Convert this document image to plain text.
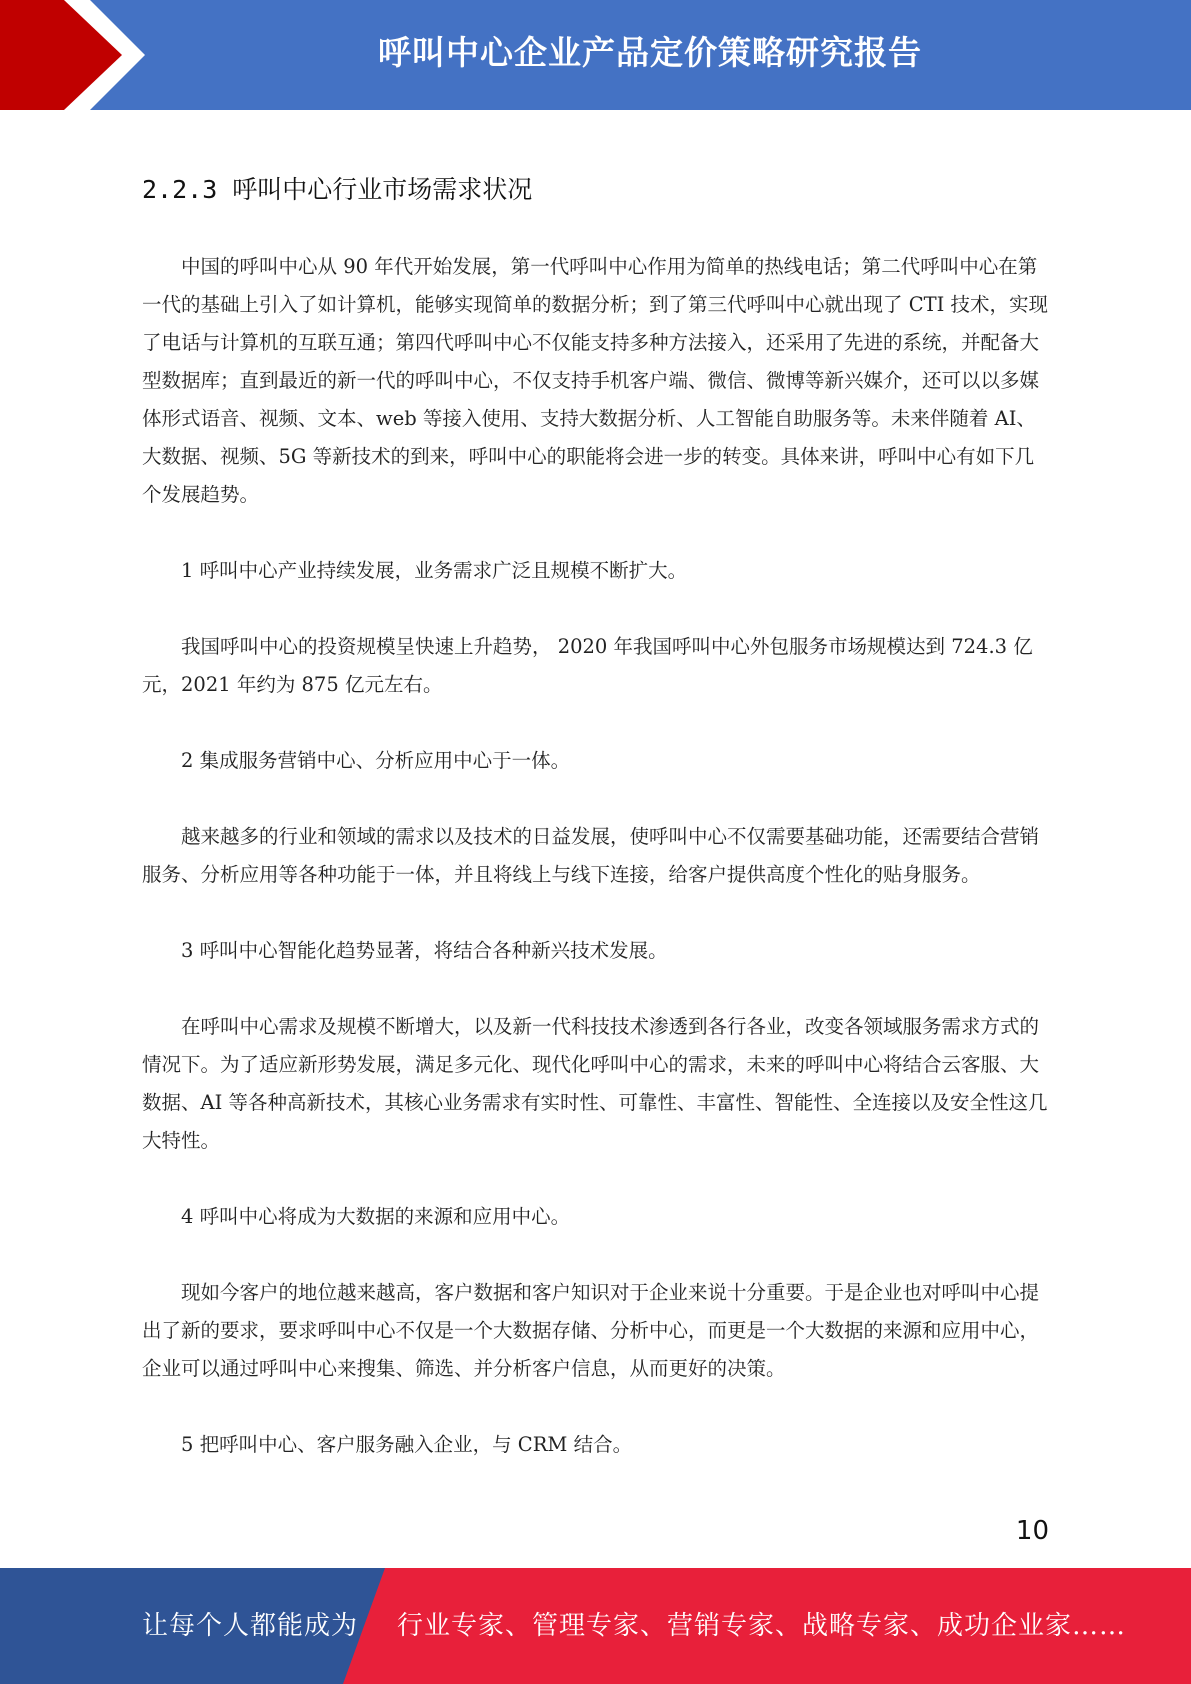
呼叫中心企业产品定价策略研究报告
2.2.3 呼叫中心行业市场需求状况

中国的呼叫中心从 90 年代开始发展，第一代呼叫中心作用为简单的热线电话；第二代呼叫中心在第一代的基础上引入了如计算机，能够实现简单的数据分析；到了第三代呼叫中心就出现了 CTI 技术，实现了电话与计算机的互联互通；第四代呼叫中心不仅能支持多种方法接入，还采用了先进的系统，并配备大型数据库；直到最近的新一代的呼叫中心，不仅支持手机客户端、微信、微博等新兴媒介，还可以以多媒体形式语音、视频、文本、web 等接入使用、支持大数据分析、人工智能自助服务等。未来伴随着 AI、大数据、视频、5G 等新技术的到来，呼叫中心的职能将会进一步的转变。具体来讲，呼叫中心有如下几个发展趋势。

1 呼叫中心产业持续发展，业务需求广泛且规模不断扩大。

我国呼叫中心的投资规模呈快速上升趋势， 2020 年我国呼叫中心外包服务市场规模达到 724.3 亿元，2021 年约为 875 亿元左右。

2 集成服务营销中心、分析应用中心于一体。

越来越多的行业和领域的需求以及技术的日益发展，使呼叫中心不仅需要基础功能，还需要结合营销服务、分析应用等各种功能于一体，并且将线上与线下连接，给客户提供高度个性化的贴身服务。

3 呼叫中心智能化趋势显著，将结合各种新兴技术发展。

在呼叫中心需求及规模不断增大，以及新一代科技技术渗透到各行各业，改变各领域服务需求方式的情况下。为了适应新形势发展，满足多元化、现代化呼叫中心的需求，未来的呼叫中心将结合云客服、大数据、AI 等各种高新技术，其核心业务需求有实时性、可靠性、丰富性、智能性、全连接以及安全性这几大特性。

4 呼叫中心将成为大数据的来源和应用中心。

现如今客户的地位越来越高，客户数据和客户知识对于企业来说十分重要。于是企业也对呼叫中心提出了新的要求，要求呼叫中心不仅是一个大数据存储、分析中心，而更是一个大数据的来源和应用中心，企业可以通过呼叫中心来搜集、筛选、并分析客户信息，从而更好的决策。

5 把呼叫中心、客户服务融入企业，与 CRM 结合。

10
让每个人都能成为 行业专家、管理专家、营销专家、战略专家、成功企业家……
